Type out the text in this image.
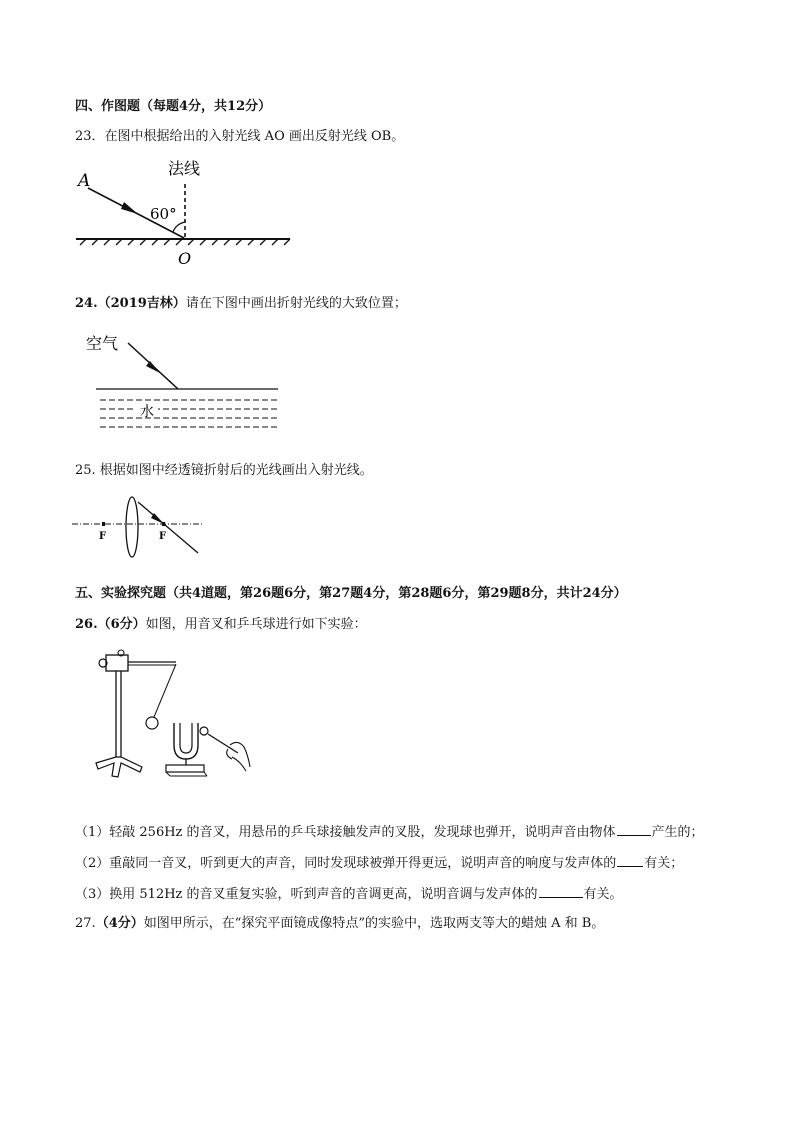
四、作图题（每题4分，共12分）
23．在图中根据给出的入射光线 AO 画出反射光线 OB。
A
法线
60°
O
24.（2019吉林）请在下图中画出折射光线的大致位置；
空气
水
25. 根据如图中经透镜折射后的光线画出入射光线。
F	F
五、实验探究题（共4道题，第26题6分，第27题4分，第28题6分，第29题8分，共计24分）
26.（6分）如图，用音叉和乒乓球进行如下实验：
（1）轻敲 256Hz 的音叉，用悬吊的乒乓球接触发声的叉股，发现球也弹开，说明声音由物体	产生的；
（2）重敲同一音叉，听到更大的声音，同时发现球被弹开得更远，说明声音的响度与发声体的 有关；
（3）换用 512Hz 的音叉重复实验，听到声音的音调更高，说明音调与发声体的	有关。
27.（4分）如图甲所示，在“探究平面镜成像特点”的实验中，选取两支等大的蜡烛 A 和 B。
